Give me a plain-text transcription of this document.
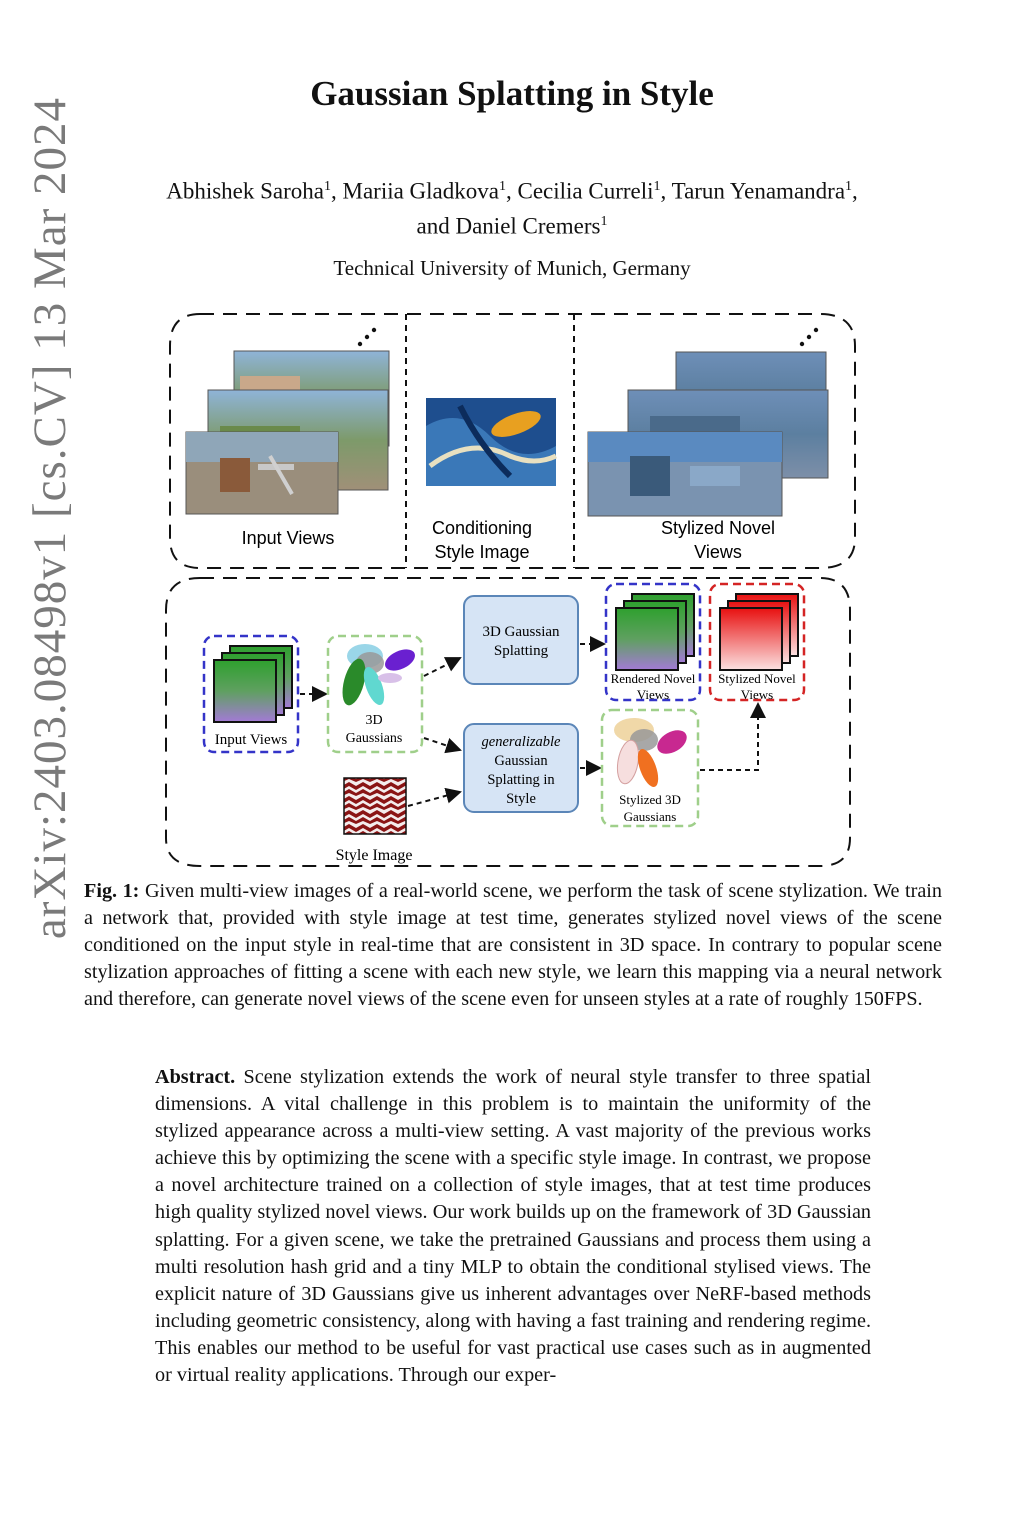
arXiv:2403.08498v1 [cs.CV] 13 Mar 2024
Gaussian Splatting in Style
Abhishek Saroha$^1$, Mariia Gladkova$^1$, Cecilia Curreli$^1$, Tarun Yenamandra$^1$,
and Daniel Cremers$^1$
Technical University of Munich, Germany
Input Views	Conditioning
Style Image
Stylized Novel
Views
Input Views
3D
Gaussians
3D Gaussian
Splatting
generalizable
Gaussian
Splatting in
Style
Rendered Novel
Views
Stylized Novel
Views
Stylized 3D
Gaussians
Style Image
Fig. 1: Given multi-view images of a real-world scene, we perform the task of scene stylization. We train a network that, provided with style image at test time, generates stylized novel views of the scene conditioned on the input style in real-time that are consistent in 3D space. In contrary to popular scene stylization approaches of fitting a scene with each new style, we learn this mapping via a neural network and therefore, can generate novel views of the scene even for unseen styles at a rate of roughly 150FPS.
Abstract. Scene stylization extends the work of neural style transfer to three spatial dimensions. A vital challenge in this problem is to maintain the uniformity of the stylized appearance across a multi-view setting. A vast majority of the previous works achieve this by optimizing the scene with a specific style image. In contrast, we propose a novel architecture trained on a collection of style images, that at test time produces high quality stylized novel views. Our work builds up on the framework of 3D Gaussian splatting. For a given scene, we take the pretrained Gaussians and process them using a multi resolution hash grid and a tiny MLP to obtain the conditional stylised views. The explicit nature of 3D Gaussians give us inherent advantages over NeRF-based methods including geometric consistency, along with having a fast training and rendering regime. This enables our method to be useful for vast practical use cases such as in augmented or virtual reality applications. Through our exper-
